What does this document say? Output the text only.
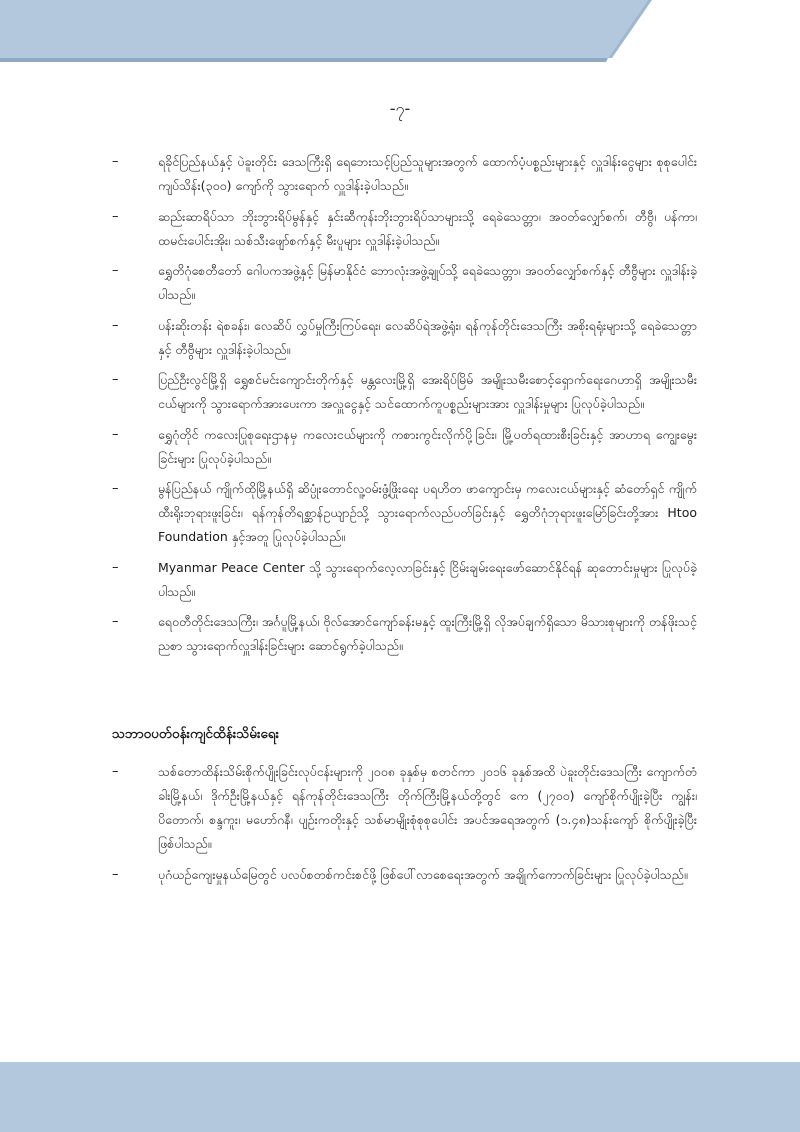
-၇-
–	ရခိုင်ပြည်နယ်နှင့် ပဲခူးတိုင်း ဒေသကြီးရှိ ရေဘေးသင့်ပြည်သူများအတွက် ထောက်ပံ့ပစ္စည်းများနှင့် လှူဒါန်းငွေများ စုစုပေါင်း ကျပ်သိန်း(၃၀၀) ကျော်ကို သွားရောက် လှူဒါန်းခဲ့ပါသည်။
–	ဆည်းဆာရိပ်သာ ဘိုးဘွားရိပ်မွန်နှင့် နှင်းဆီကုန်းဘိုးဘွားရိပ်သာများသို့ ရေခဲသေတ္တာ၊ အဝတ်လျှော်စက်၊ တီဗွီ၊ ပန်ကာ၊ ထမင်းပေါင်းအိုး၊ သစ်သီးဖျော်စက်နှင့် မီးပူများ လှူဒါန်းခဲ့ပါသည်။
–	ရွှေတိဂုံစေတီတော် ဂေါပကအဖွဲ့နှင့် မြန်မာနိုင်ငံ ဘောလုံးအဖွဲ့ချုပ်သို့ ရေခဲသေတ္တာ၊ အဝတ်လျှော်စက်နှင့် တီဗွီများ လှူဒါန်းခဲ့ပါသည်။
–	ပန်းဆိုးတန်း ရဲစခန်း၊ လေဆိပ် လွှပ်မှုကြီးကြပ်ရေး၊ လေဆိပ်ရဲအဖွဲ့ရုံး၊ ရန်ကုန်တိုင်းဒေသကြီး အစိုးရရုံးများသို့ ရေခဲသေတ္တာနှင့် တီဗွီများ လှူဒါန်းခဲ့ပါသည်။
–	ပြည်ဦးလွင်မြို့ရှိ ရွှေစင်မင်းကျောင်းတိုက်နှင့် မန္တလေးမြို့ရှိ အေးရိပ်မြိမ် အမျိုးသမီးစောင့်ရှောက်ရေးဂေဟာရှိ အမျိုးသမီးငယ်များကို သွားရောက်အားပေးကာ အလှူငွေနှင့် သင်ထောက်ကူပစ္စည်းများအား လှူဒါန်းမှုများ ပြုလုပ်ခဲ့ပါသည်။
–	ရွှေဂုံတိုင် ကလေးပြုစုရေးဌာနမှ ကလေးငယ်များကို ကစားကွင်းလိုက်ပို့ခြင်း၊ မြို့ပတ်ရထားစီးခြင်းနှင့် အာဟာရ ကျွေးမွေးခြင်းများ ပြုလုပ်ခဲ့ပါသည်။
–	မွန်ပြည်နယ် ကျိုက်ထိုမြို့နယ်ရှိ ဆိပ္ပုံးတောင်လူ့ဝမ်းဖွံ့ဖြိုးရေး ပရဟိတ ဖာကျောင်းမှ ကလေးငယ်များနှင့် ဆံတော်ရှင် ကျိုက်ထီးရိုးဘုရားဖူးခြင်း၊ ရန်ကုန်တိရစ္ဆာန်ဥယျာဉ်သို့ သွားရောက်လည်ပတ်ခြင်းနှင့် ရွှေတိဂုံဘုရားဖူးမြော်ခြင်းတို့အား Htoo Foundation နှင့်အတူ ပြုလုပ်ခဲ့ပါသည်။
–	Myanmar Peace Center သို့ သွားရောက်လေ့လာခြင်းနှင့် ငြိမ်းချမ်းရေးဖော်ဆောင်နိုင်ရန် ဆုတောင်းမှုများ ပြုလုပ်ခဲ့ပါသည်။
–	ရေဝတီတိုင်းဒေသကြီး၊ အင်္ဂပူမြို့နယ်၊ ဗိုလ်အောင်ကျော်ခန်းမနှင့် ထူးကြီးမြို့ရှိ လိုအပ်ချက်ရှိသော မိသားစုများကို တန်ဖိုးသင့်ညစာ သွားရောက်လှူဒါန်းခြင်းများ ဆောင်ရွက်ခဲ့ပါသည်။
သဘာဝပတ်ဝန်းကျင်ထိန်းသိမ်းရေး
–	သစ်တောထိန်းသိမ်းစိုက်ပျိုးခြင်းလုပ်ငန်းများကို ၂၀၀၈ ခုနှစ်မှ စတင်ကာ ၂၀၁၆ ခုနှစ်အထိ ပဲခူးတိုင်းဒေသကြီး ကျောက်တံခါးမြို့နယ်၊ ဒိုက်ဦးမြို့နယ်နှင့် ရန်ကုန်တိုင်းဒေသကြီး တိုက်ကြီးမြို့နယ်တို့တွင် ကေ (၂၇၀၀) ကျော်စိုက်ပျိုးခဲ့ပြီး ကျွန်း၊ ပိတောက်၊ စန္ဒကူး၊ မဟော်ဂနီ၊ ပျဉ်းကတိုးနှင့် သစ်မာမျိုးစုံစုစုပေါင်း အပင်အရေအတွက် (၁.၄၈)သန်းကျော် စိုက်ပျိုးခဲ့ပြီးဖြစ်ပါသည်။
–	ပုဂံယဉ်ကျေးမှုနယ်မြေတွင် ပလပ်စတစ်ကင်းစင်ဖို့ ဖြစ်ပေါ်လာစေရေးအတွက် အချိုက်ကောက်ခြင်းများ ပြုလုပ်ခဲ့ပါသည်။
